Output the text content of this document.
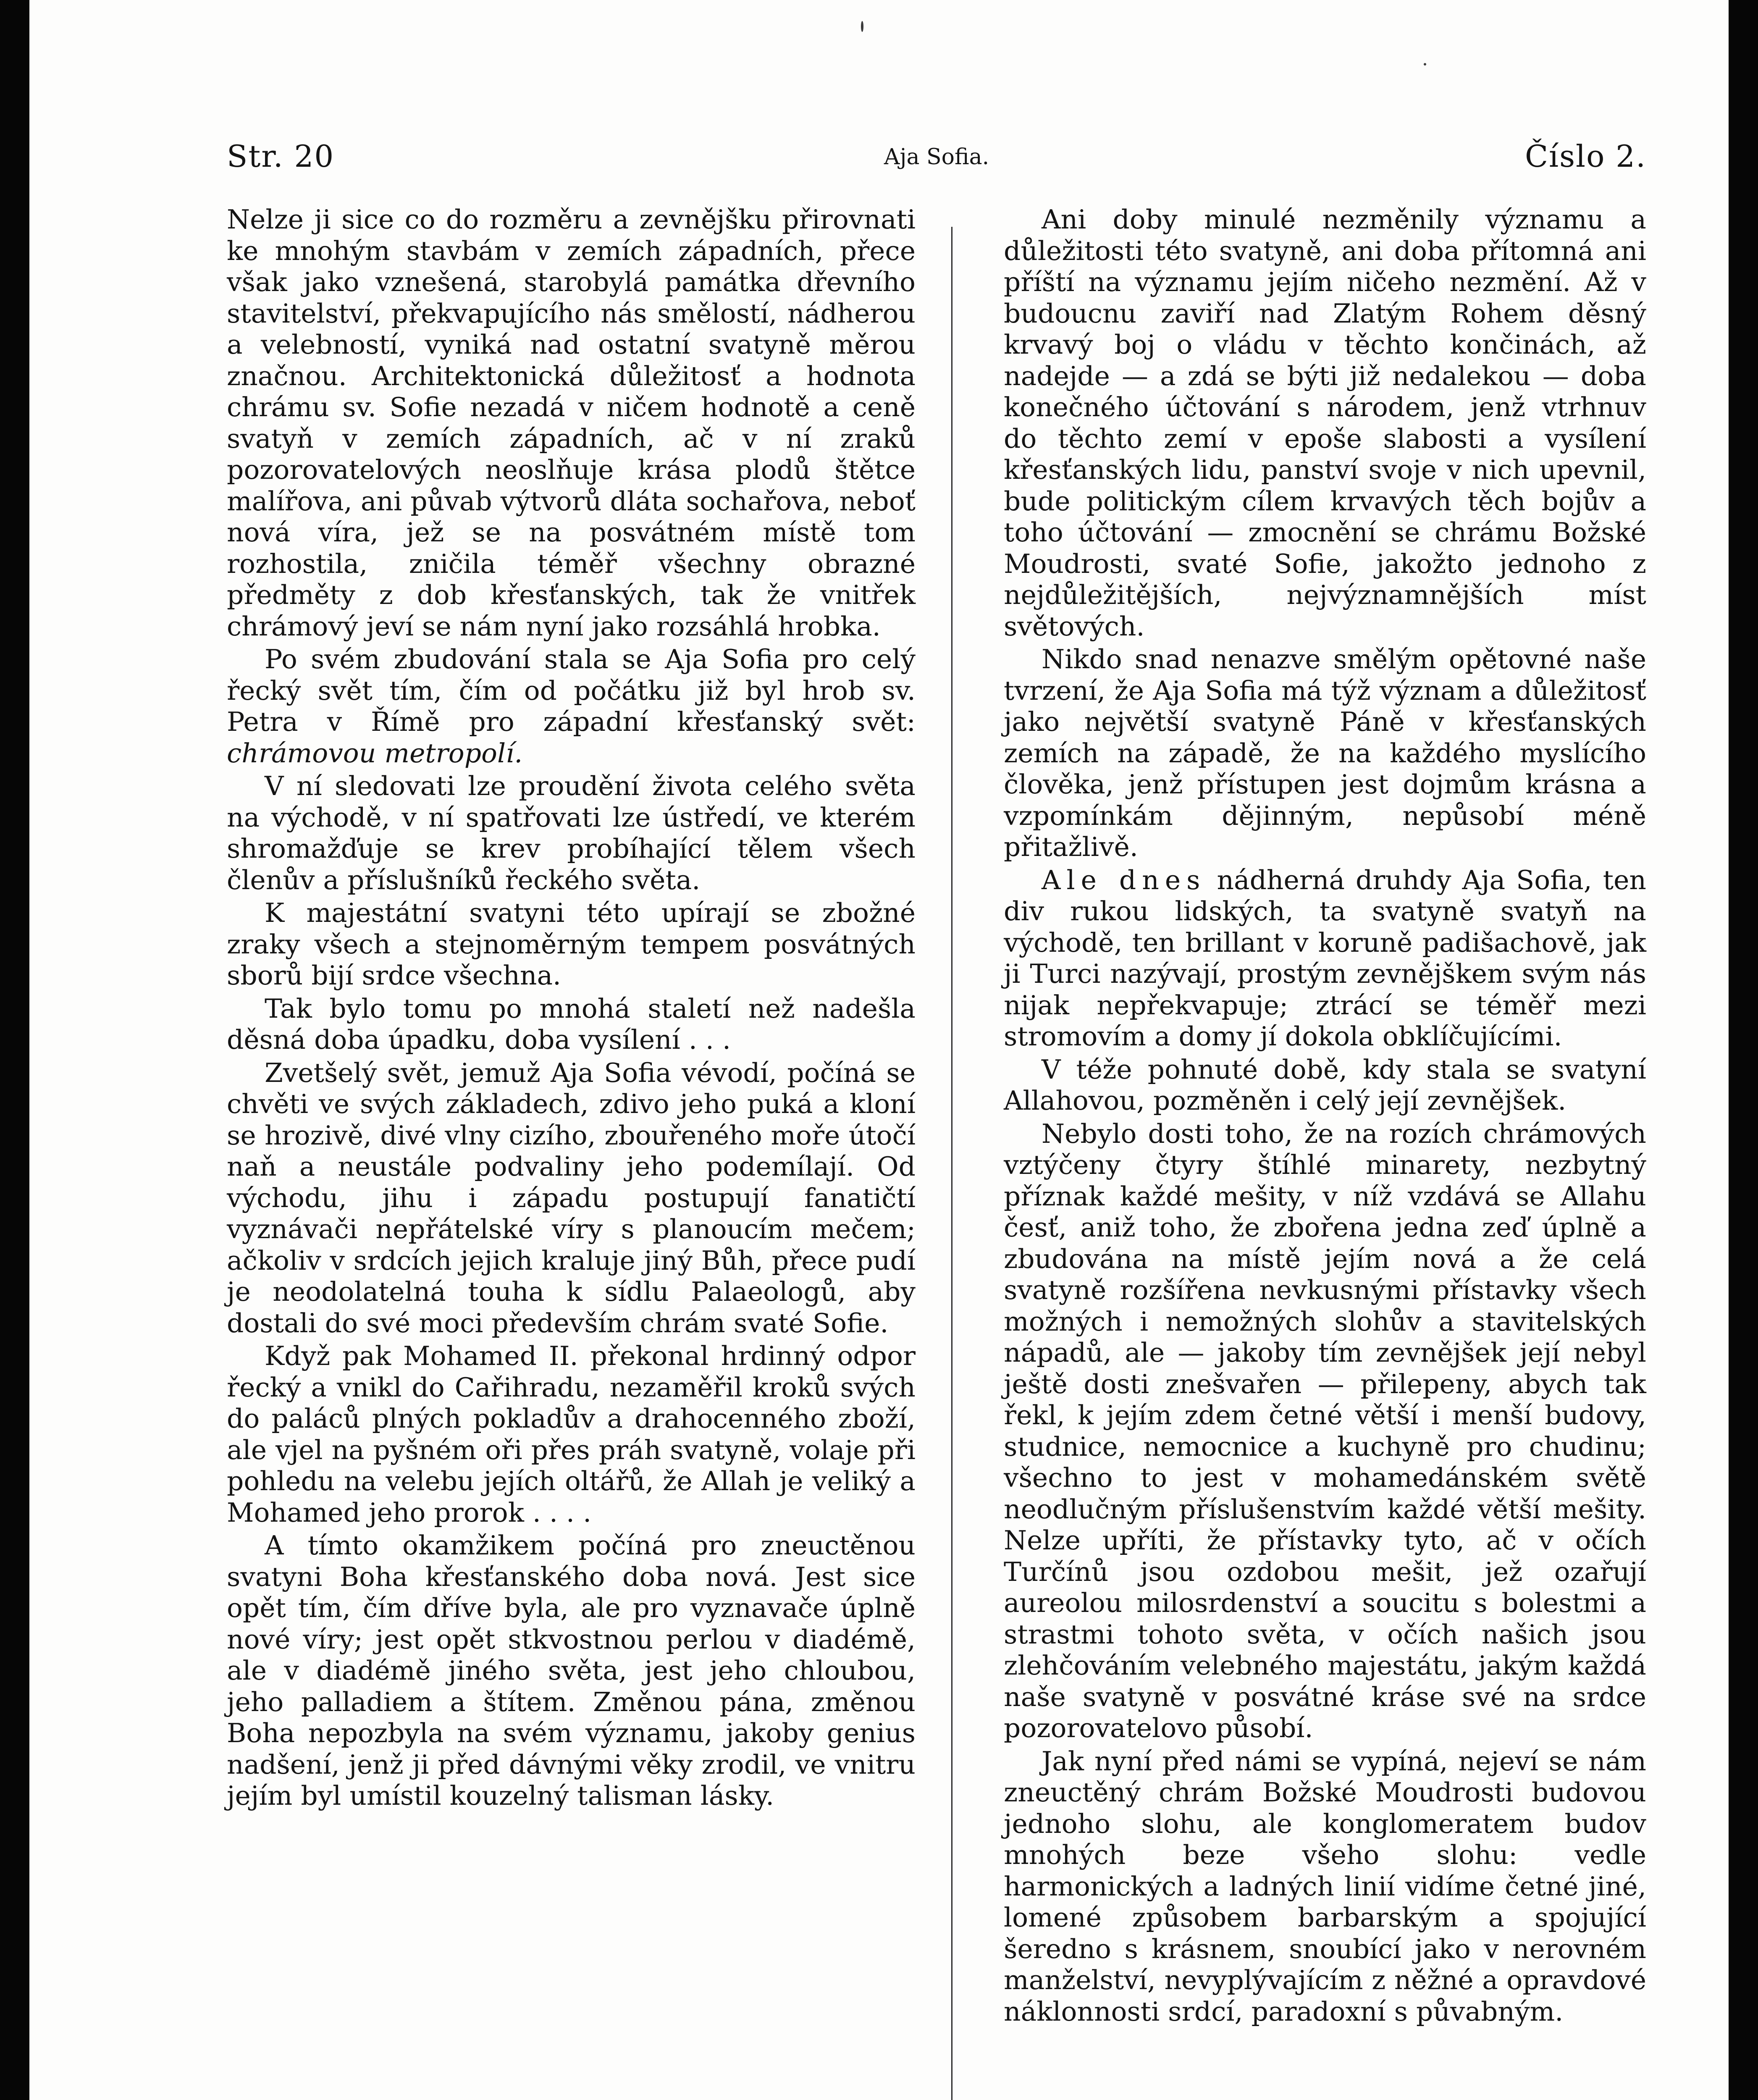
Str. 20	Aja Sofia.	Číslo 2.

Nelze ji sice co do rozměru a zevnějšku přirovnati ke mnohým stavbám v zemích západních, přece však jako vznešená, starobylá památka dřevního stavitelství, překvapujícího nás smělostí, nádherou a velebností, vyniká nad ostatní svatyně měrou značnou. Architektonická důležitosť a hodnota chrámu sv. Sofie nezadá v ničem hodnotě a ceně svatyň v zemích západních, ač v ní zraků pozorovatelových neoslňuje krása plodů štětce malířova, ani půvab výtvorů dláta sochařova, neboť nová víra, jež se na posvátném místě tom rozhostila, zničila téměř všechny obrazné předměty z dob křesťanských, tak že vnitřek chrámový jeví se nám nyní jako rozsáhlá hrobka.

Po svém zbudování stala se Aja Sofia pro celý řecký svět tím, čím od počátku již byl hrob sv. Petra v Římě pro západní křesťanský svět: chrámovou metropolí.

V ní sledovati lze proudění života celého světa na východě, v ní spatřovati lze ústředí, ve kterém shromažďuje se krev probíhající tělem všech členův a příslušníků řeckého světa.

K majestátní svatyni této upírají se zbožné zraky všech a stejnoměrným tempem posvátných sborů bijí srdce všechna.

Tak bylo tomu po mnohá staletí než nadešla děsná doba úpadku, doba vysílení . . .

Zvetšelý svět, jemuž Aja Sofia vévodí, počíná se chvěti ve svých základech, zdivo jeho puká a kloní se hrozivě, divé vlny cizího, zbouřeného moře útočí naň a neustále podvaliny jeho podemílají. Od východu, jihu i západu postupují fanatičtí vyznávači nepřátelské víry s planoucím mečem; ačkoliv v srdcích jejich kraluje jiný Bůh, přece pudí je neodolatelná touha k sídlu Palaeologů, aby dostali do své moci především chrám svaté Sofie.

Když pak Mohamed II. překonal hrdinný odpor řecký a vnikl do Cařihradu, nezaměřil kroků svých do paláců plných pokladův a drahocenného zboží, ale vjel na pyšném oři přes práh svatyně, volaje při pohledu na velebu jejích oltářů, že Allah je veliký a Mohamed jeho prorok . . . .

A tímto okamžikem počíná pro zneuctěnou svatyni Boha křesťanského doba nová. Jest sice opět tím, čím dříve byla, ale pro vyznavače úplně nové víry; jest opět stkvostnou perlou v diadémě, ale v diadémě jiného světa, jest jeho chloubou, jeho palladiem a štítem. Změnou pána, změnou Boha nepozbyla na svém významu, jakoby genius nadšení, jenž ji před dávnými věky zrodil, ve vnitru jejím byl umístil kouzelný talisman lásky.

Ani doby minulé nezměnily významu a důležitosti této svatyně, ani doba přítomná ani příští na významu jejím ničeho nezmění. Až v budoucnu zaviří nad Zlatým Rohem děsný krvavý boj o vládu v těchto končinách, až nadejde — a zdá se býti již nedalekou — doba konečného účtování s národem, jenž vtrhnuv do těchto zemí v epoše slabosti a vysílení křesťanských lidu, panství svoje v nich upevnil, bude politickým cílem krvavých těch bojův a toho účtování — zmocnění se chrámu Božské Moudrosti, svaté Sofie, jakožto jednoho z nejdůležitějších, nejvýznamnějších míst světových.

Nikdo snad nenazve smělým opětovné naše tvrzení, že Aja Sofia má týž význam a důležitosť jako největší svatyně Páně v křesťanských zemích na západě, že na každého myslícího člověka, jenž přístupen jest dojmům krásna a vzpomínkám dějinným, nepůsobí méně přitažlivě.

Ale dnes nádherná druhdy Aja Sofia, ten div rukou lidských, ta svatyně svatyň na východě, ten brillant v koruně padišachově, jak ji Turci nazývají, prostým zevnějškem svým nás nijak nepřekvapuje; ztrácí se téměř mezi stromovím a domy jí dokola obklíčujícími.

V téže pohnuté době, kdy stala se svatyní Allahovou, pozměněn i celý její zevnějšek.

Nebylo dosti toho, že na rozích chrámových vztýčeny čtyry štíhlé minarety, nezbytný příznak každé mešity, v níž vzdává se Allahu česť, aniž toho, že zbořena jedna zeď úplně a zbudována na místě jejím nová a že celá svatyně rozšířena nevkusnými přístavky všech možných i nemožných slohův a stavitelských nápadů, ale — jakoby tím zevnějšek její nebyl ještě dosti znešvařen — přilepeny, abych tak řekl, k jejím zdem četné větší i menší budovy, studnice, nemocnice a kuchyně pro chudinu; všechno to jest v mohamedánském světě neodlučným příslušenstvím každé větší mešity. Nelze upříti, že přístavky tyto, ač v očích Turčínů jsou ozdobou mešit, jež ozařují aureolou milosrdenství a soucitu s bolestmi a strastmi tohoto světa, v očích našich jsou zlehčováním velebného majestátu, jakým každá naše svatyně v posvátné kráse své na srdce pozorovatelovo působí.

Jak nyní před námi se vypíná, nejeví se nám zneuctěný chrám Božské Moudrosti budovou jednoho slohu, ale konglomeratem budov mnohých beze všeho slohu: vedle harmonických a ladných linií vidíme četné jiné, lomené způsobem barbarským a spojující šeredno s krásnem, snoubící jako v nerovném manželství, nevyplývajícím z něžné a opravdové náklonnosti srdcí, paradoxní s půvabným.
